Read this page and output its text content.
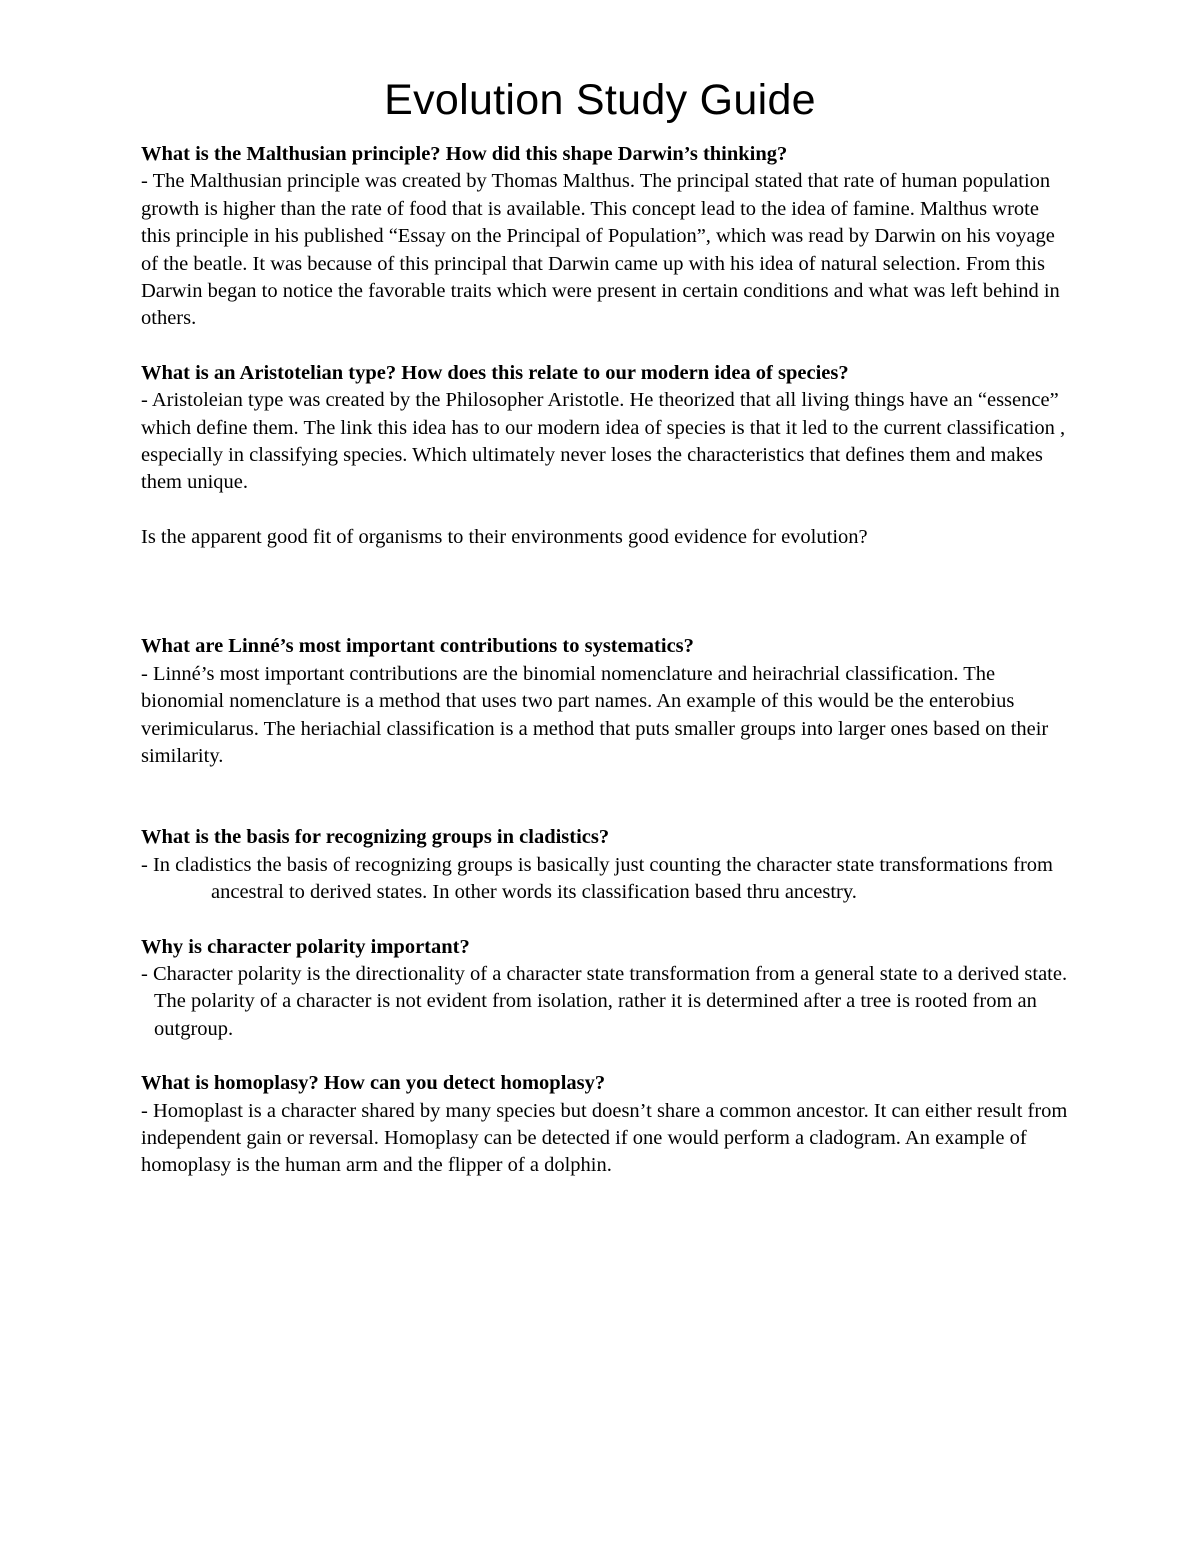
Evolution Study Guide

What is the Malthusian principle? How did this shape Darwin’s thinking?

- The Malthusian principle was created by Thomas Malthus. The principal stated that rate of human population growth is higher than the rate of food that is available. This concept lead to the idea of famine. Malthus wrote this principle in his published “Essay on the Principal of Population”, which was read by Darwin on his voyage of the beatle. It was because of this principal that Darwin came up with his idea of natural selection. From this Darwin began to notice the favorable traits which were present in certain conditions and what was left behind in others.

What is an Aristotelian type? How does this relate to our modern idea of species?

- Aristoleian type was created by the Philosopher Aristotle. He theorized that all living things have an “essence” which define them. The link this idea has to our modern idea of species is that it led to the current classification , especially in classifying species. Which ultimately never loses the characteristics that defines them and makes them unique.

Is the apparent good fit of organisms to their environments good evidence for evolution?

What are Linné’s most important contributions to systematics?

- Linné’s most important contributions are the binomial nomenclature and heirachrial classification. The bionomial nomenclature is a method that uses two part names. An example of this would be the enterobius verimicularus. The heriachial classification is a method that puts smaller groups into larger ones based on their similarity.

What is the basis for recognizing groups in cladistics?

- In cladistics the basis of recognizing groups is basically just counting the character state transformations from ancestral to derived states. In other words its classification based thru ancestry.

Why is character polarity important?

- Character polarity is the directionality of a character state transformation from a general state to a derived state. The polarity of a character is not evident from isolation, rather it is determined after a tree is rooted from an outgroup.

What is homoplasy? How can you detect homoplasy?

- Homoplast is a character shared by many species but doesn’t share a common ancestor. It can either result from independent gain or reversal. Homoplasy can be detected if one would perform a cladogram. An example of homoplasy is the human arm and the flipper of a dolphin.
